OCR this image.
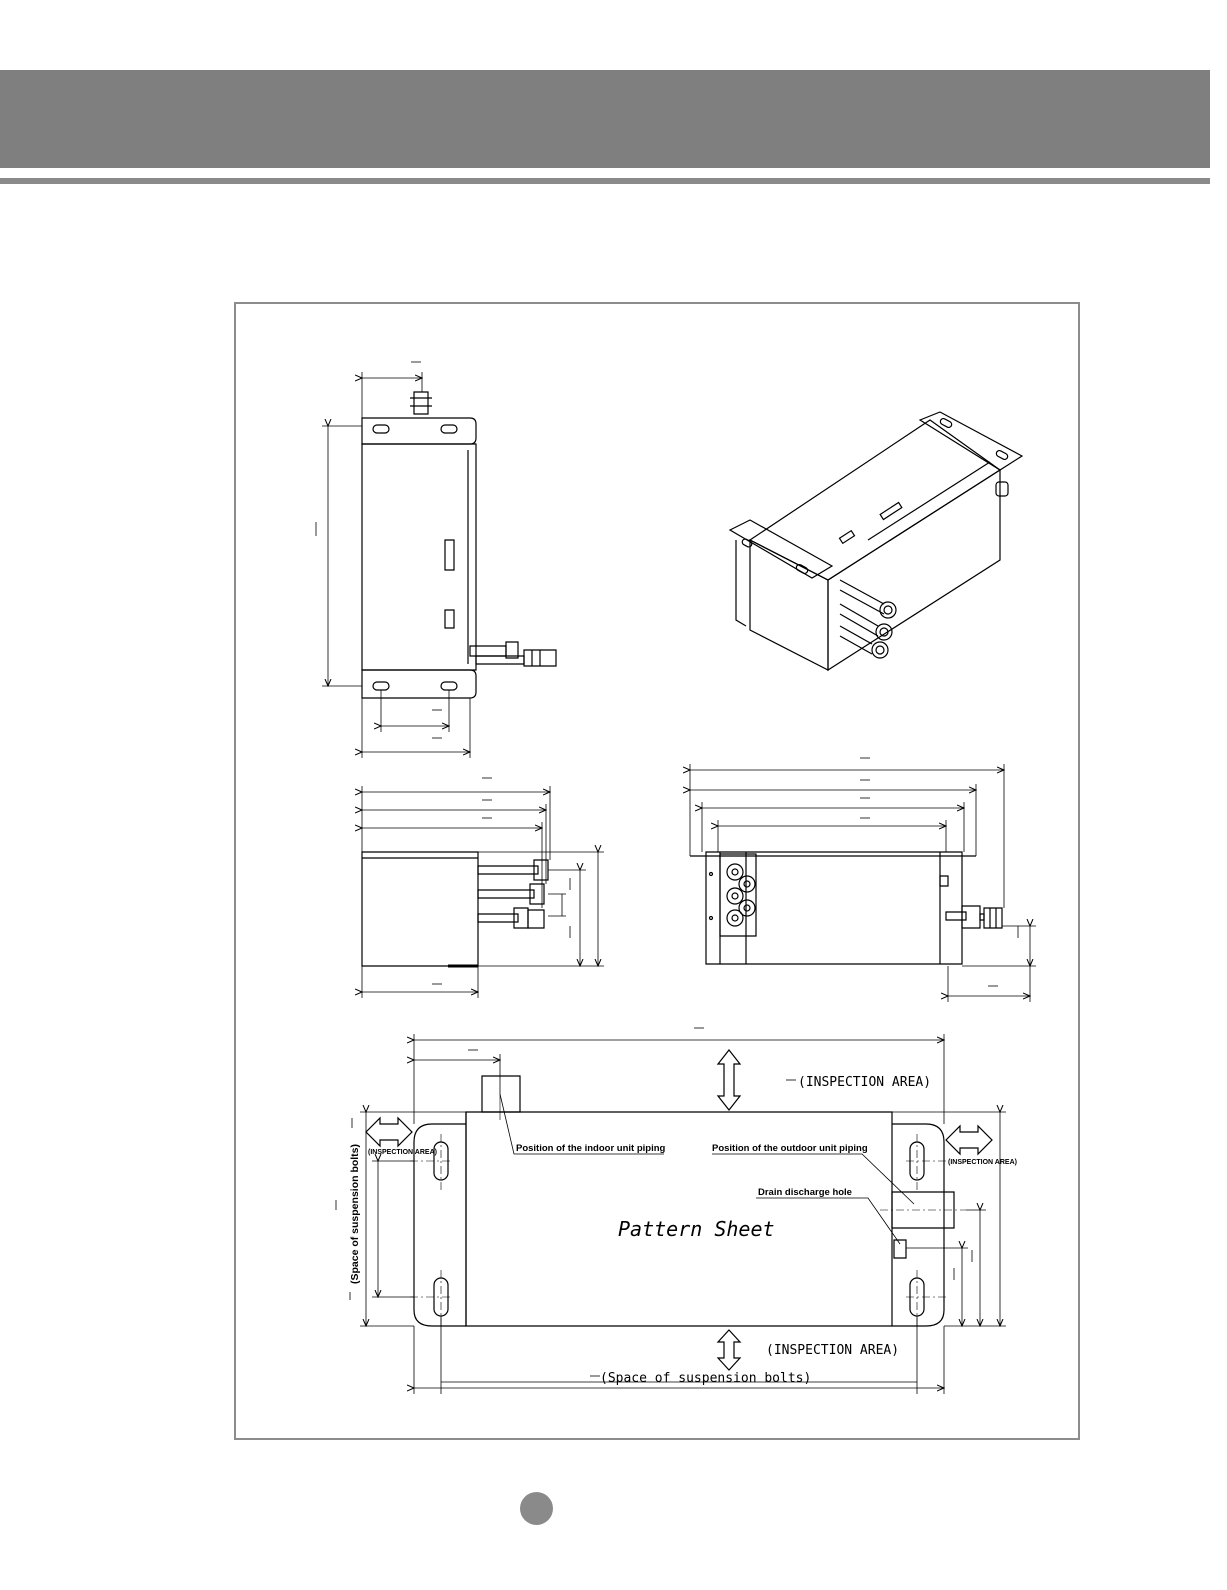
(INSPECTION AREA)
(INSPECTION AREA)
(INSPECTION AREA)
(INSPECTION AREA)
(Space of suspension bolts)
(Space of suspension bolts)	Position of the indoor unit piping	Position of the outdoor unit piping
Drain discharge hole
Pattern Sheet
